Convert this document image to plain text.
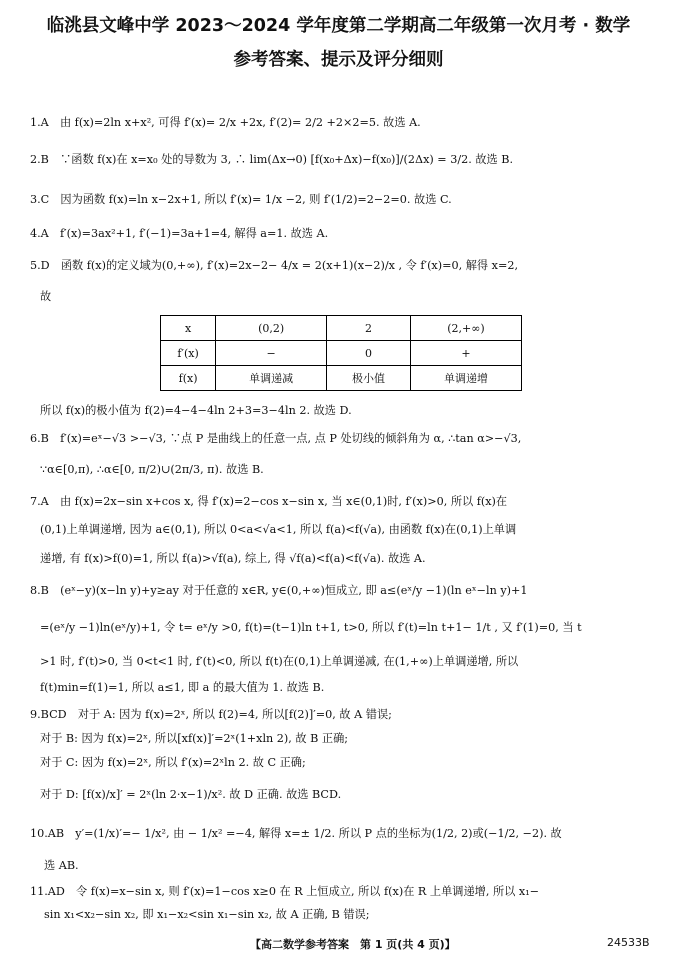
临洮县文峰中学 2023～2024 学年度第二学期高二年级第一次月考 · 数学
参考答案、提示及评分细则
1.A　由 f(x)=2ln x+x², 可得 f′(x)= 2/x +2x, f′(2)= 2/2 +2×2=5. 故选 A.
2.B　∵函数 f(x)在 x=x₀ 处的导数为 3, ∴ lim(Δx→0) [f(x₀+Δx)−f(x₀)]/(2Δx) = 3/2. 故选 B.
3.C　因为函数 f(x)=ln x−2x+1, 所以 f′(x)= 1/x −2, 则 f′(1/2)=2−2=0. 故选 C.
4.A　f′(x)=3ax²+1, f′(−1)=3a+1=4, 解得 a=1. 故选 A.
5.D　函数 f(x)的定义域为(0,+∞), f′(x)=2x−2− 4/x = 2(x+1)(x−2)/x , 令 f′(x)=0, 解得 x=2,
故
x	(0,2)	2	(2,+∞)
f′(x)	−	0	+
f(x)	单调递减	极小值	单调递增
所以 f(x)的极小值为 f(2)=4−4−4ln 2+3=3−4ln 2. 故选 D.
6.B　f′(x)=eˣ−√3 >−√3, ∵点 P 是曲线上的任意一点, 点 P 处切线的倾斜角为 α, ∴tan α>−√3,
∵α∈[0,π), ∴α∈[0, π/2)∪(2π/3, π). 故选 B.
7.A　由 f(x)=2x−sin x+cos x, 得 f′(x)=2−cos x−sin x, 当 x∈(0,1)时, f′(x)>0, 所以 f(x)在
(0,1)上单调递增, 因为 a∈(0,1), 所以 0<a<√a<1, 所以 f(a)<f(√a), 由函数 f(x)在(0,1)上单调
递增, 有 f(x)>f(0)=1, 所以 f(a)>√f(a), 综上, 得 √f(a)<f(a)<f(√a). 故选 A.
8.B　(eˣ−y)(x−ln y)+y≥ay 对于任意的 x∈R, y∈(0,+∞)恒成立, 即 a≤(eˣ/y −1)(ln eˣ−ln y)+1
=(eˣ/y −1)ln(eˣ/y)+1, 令 t= eˣ/y >0, f(t)=(t−1)ln t+1, t>0, 所以 f′(t)=ln t+1− 1/t , 又 f′(1)=0, 当 t
>1 时, f′(t)>0, 当 0<t<1 时, f′(t)<0, 所以 f(t)在(0,1)上单调递减, 在(1,+∞)上单调递增, 所以
f(t)min=f(1)=1, 所以 a≤1, 即 a 的最大值为 1. 故选 B.
9.BCD　对于 A: 因为 f(x)=2ˣ, 所以 f(2)=4, 所以[f(2)]′=0, 故 A 错误;
对于 B: 因为 f(x)=2ˣ, 所以[xf(x)]′=2ˣ(1+xln 2), 故 B 正确;
对于 C: 因为 f(x)=2ˣ, 所以 f′(x)=2ˣln 2. 故 C 正确;
对于 D: [f(x)/x]′ = 2ˣ(ln 2·x−1)/x². 故 D 正确. 故选 BCD.
10.AB　y′=(1/x)′=− 1/x², 由 − 1/x² =−4, 解得 x=± 1/2. 所以 P 点的坐标为(1/2, 2)或(−1/2, −2). 故
选 AB.
11.AD　令 f(x)=x−sin x, 则 f′(x)=1−cos x≥0 在 R 上恒成立, 所以 f(x)在 R 上单调递增, 所以 x₁−
sin x₁<x₂−sin x₂, 即 x₁−x₂<sin x₁−sin x₂, 故 A 正确, B 错误;
【高二数学参考答案　第 1 页(共 4 页)】	24533B
